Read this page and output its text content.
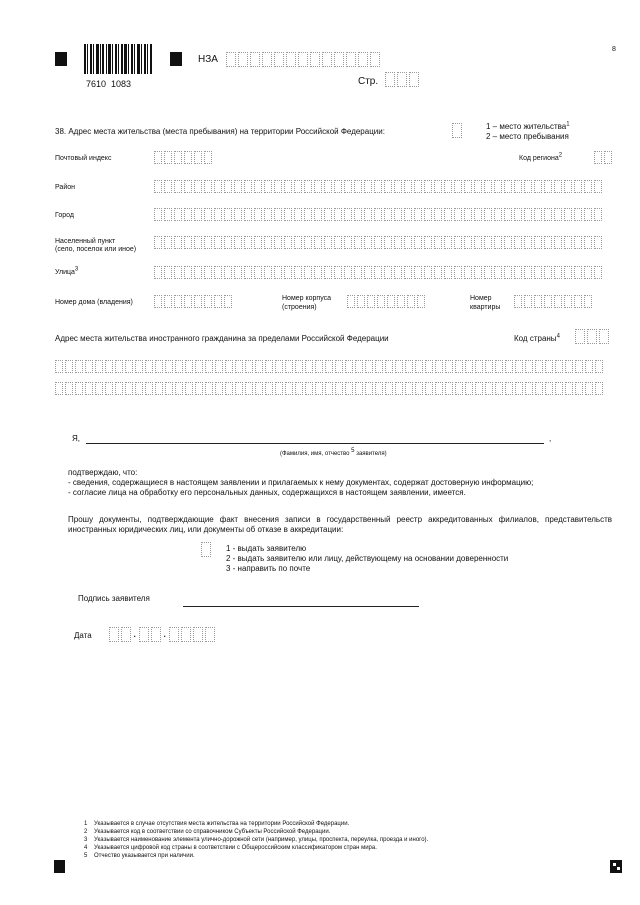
7610  1083
НЗА
8
Стр.
38. Адрес места жительства (места пребывания) на территории Российской Федерации:
1 – место жительства$^1$
2 – место пребывания
Почтовый индекс	Код региона2
Район
Город
Населенный пункт
(село, поселок или иное)
Улица3
Номер дома (владения)
Номер корпуса
(строения)
Номер
квартиры
Адрес места жительства иностранного гражданина за пределами Российской Федерации	Код страны$^4$
Я,	,
(Фамилия, имя, отчество 5 заявителя)
подтверждаю, что:
- сведения, содержащиеся в настоящем заявлении и прилагаемых к нему документах, содержат достоверную информацию;
- согласие лица на обработку его персональных данных, содержащихся в настоящем заявлении, имеется.
Прошу документы, подтверждающие факт внесения записи в государственный реестр аккредитованных филиалов, представительств иностранных юридических лиц, или документы об отказе в аккредитации:
1 - выдать заявителю
2 - выдать заявителю или лицу, действующему на основании доверенности
3 - направить по почте
Подпись заявителя
Дата	. .
1 Указывается в случае отсутствия места жительства на территории Российской Федерации.
2 Указывается код в соответствии со справочником Субъекты Российской Федерации.
3 Указывается наименование элемента улично-дорожной сети (например, улицы, проспекта, переулка, проезда и иного).
4 Указывается цифровой код страны в соответствии с Общероссийским классификатором стран мира.
5 Отчество указывается при наличии.
